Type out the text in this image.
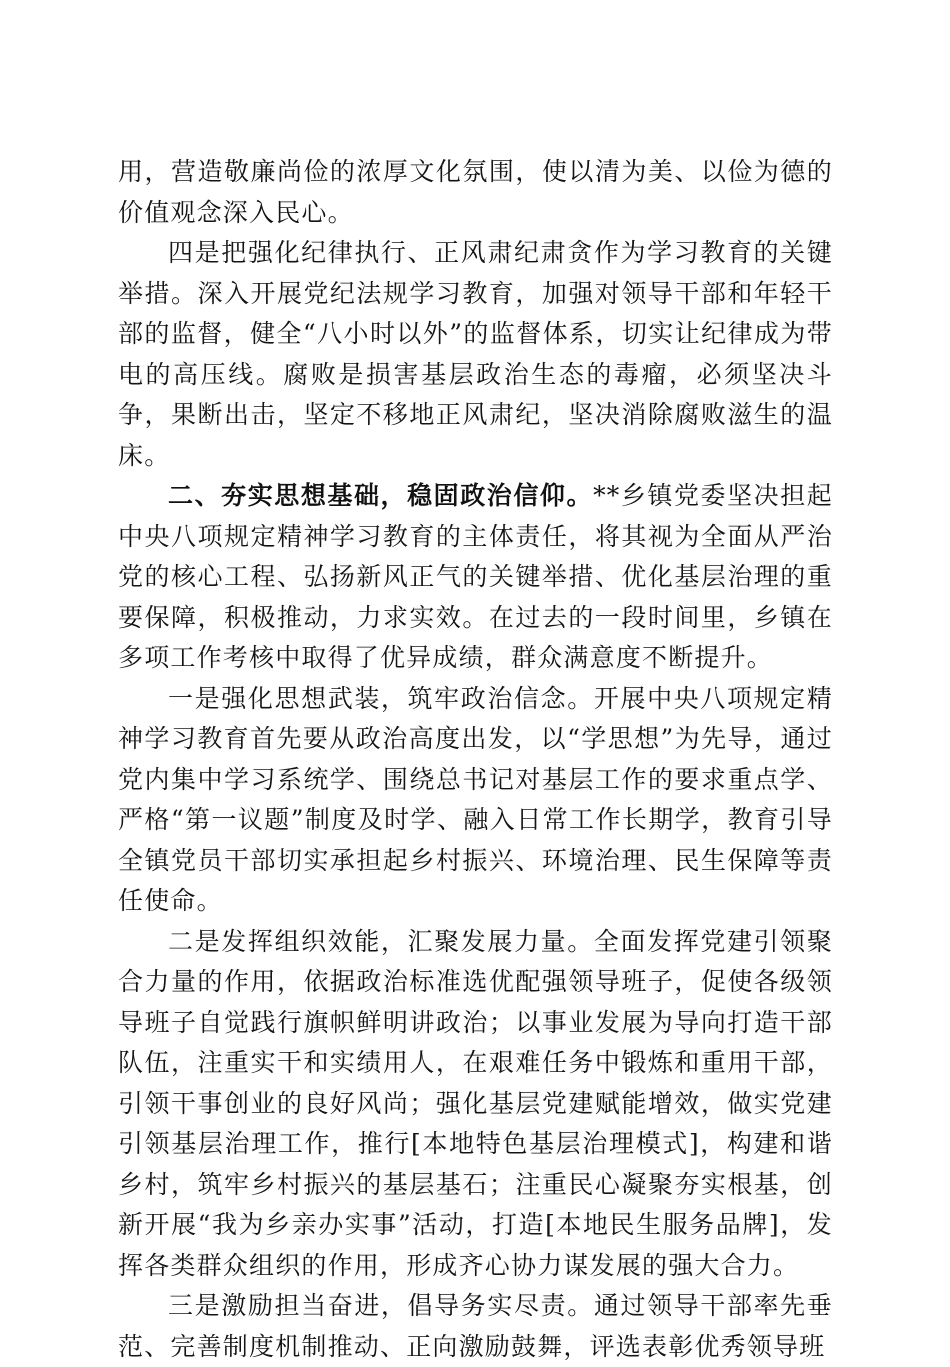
用，营造敬廉尚俭的浓厚文化氛围，使以清为美、以俭为德的价值观念深入民心。

四是把强化纪律执行、正风肃纪肃贪作为学习教育的关键举措。深入开展党纪法规学习教育，加强对领导干部和年轻干部的监督，健全“八小时以外”的监督体系，切实让纪律成为带电的高压线。腐败是损害基层政治生态的毒瘤，必须坚决斗争，果断出击，坚定不移地正风肃纪，坚决消除腐败滋生的温床。

二、夯实思想基础，稳固政治信仰。**乡镇党委坚决担起中央八项规定精神学习教育的主体责任，将其视为全面从严治党的核心工程、弘扬新风正气的关键举措、优化基层治理的重要保障，积极推动，力求实效。在过去的一段时间里，乡镇在多项工作考核中取得了优异成绩，群众满意度不断提升。

一是强化思想武装，筑牢政治信念。开展中央八项规定精神学习教育首先要从政治高度出发，以“学思想”为先导，通过党内集中学习系统学、围绕总书记对基层工作的要求重点学、严格“第一议题”制度及时学、融入日常工作长期学，教育引导全镇党员干部切实承担起乡村振兴、环境治理、民生保障等责任使命。

二是发挥组织效能，汇聚发展力量。全面发挥党建引领聚合力量的作用，依据政治标准选优配强领导班子，促使各级领导班子自觉践行旗帜鲜明讲政治；以事业发展为导向打造干部队伍，注重实干和实绩用人，在艰难任务中锻炼和重用干部，引领干事创业的良好风尚；强化基层党建赋能增效，做实党建引领基层治理工作，推行[本地特色基层治理模式]，构建和谐乡村，筑牢乡村振兴的基层基石；注重民心凝聚夯实根基，创新开展“我为乡亲办实事”活动，打造[本地民生服务品牌]，发挥各类群众组织的作用，形成齐心协力谋发展的强大合力。

三是激励担当奋进，倡导务实尽责。通过领导干部率先垂范、完善制度机制推动、正向激励鼓舞，评选表彰优秀领导班
